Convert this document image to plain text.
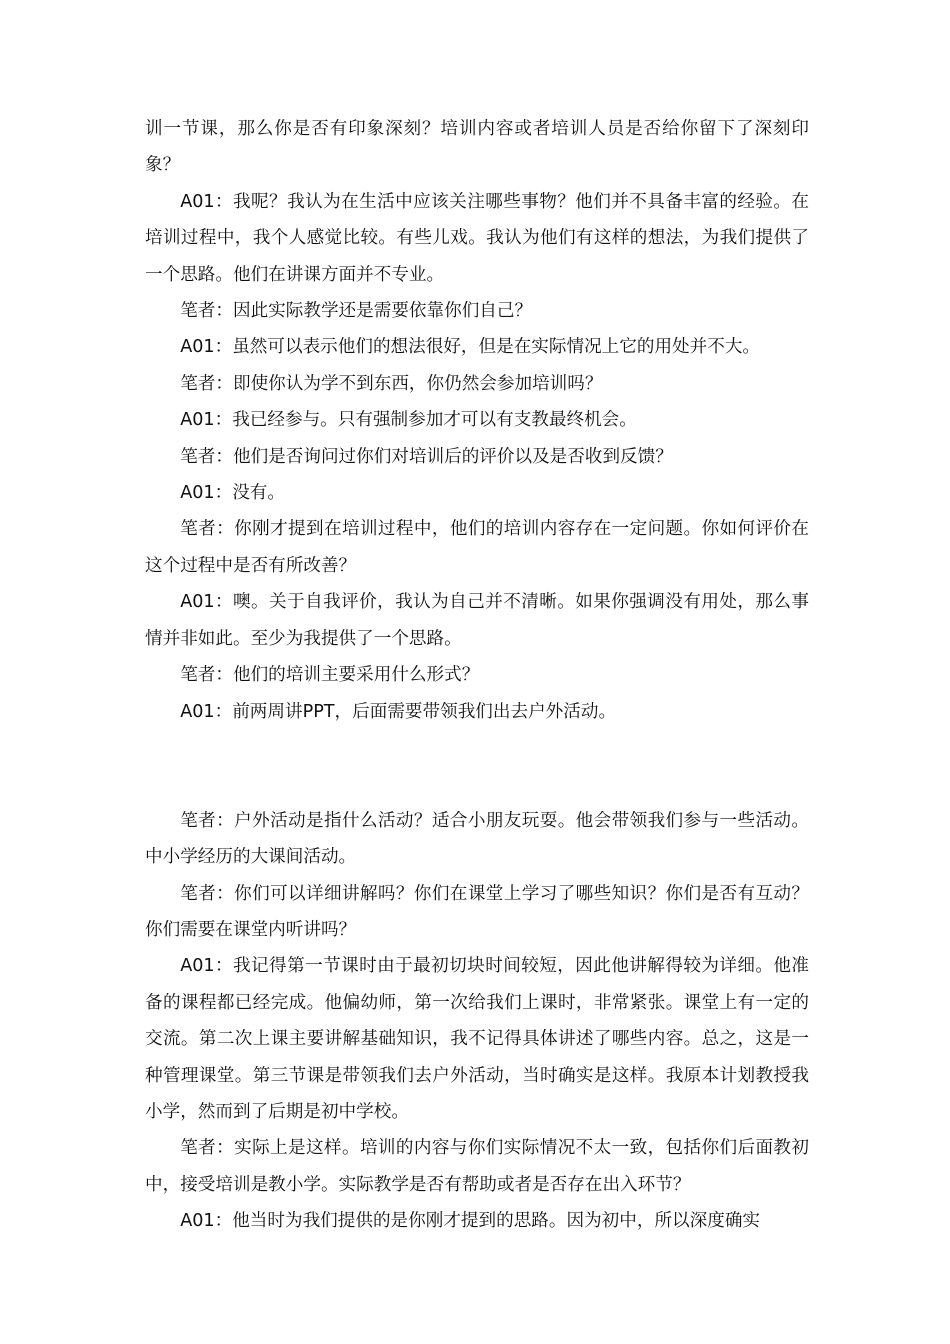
训一节课，那么你是否有印象深刻？培训内容或者培训人员是否给你留下了深刻印象？

A01：我呢？我认为在生活中应该关注哪些事物？他们并不具备丰富的经验。在培训过程中，我个人感觉比较。有些儿戏。我认为他们有这样的想法，为我们提供了一个思路。他们在讲课方面并不专业。

笔者：因此实际教学还是需要依靠你们自己？

A01：虽然可以表示他们的想法很好，但是在实际情况上它的用处并不大。

笔者：即使你认为学不到东西，你仍然会参加培训吗？

A01：我已经参与。只有强制参加才可以有支教最终机会。

笔者：他们是否询问过你们对培训后的评价以及是否收到反馈？

A01：没有。

笔者：你刚才提到在培训过程中，他们的培训内容存在一定问题。你如何评价在这个过程中是否有所改善？

A01：噢。关于自我评价，我认为自己并不清晰。如果你强调没有用处，那么事情并非如此。至少为我提供了一个思路。

笔者：他们的培训主要采用什么形式？

A01：前两周讲PPT，后面需要带领我们出去户外活动。

笔者：户外活动是指什么活动？适合小朋友玩耍。他会带领我们参与一些活动。中小学经历的大课间活动。

笔者：你们可以详细讲解吗？你们在课堂上学习了哪些知识？你们是否有互动？你们需要在课堂内听讲吗？

A01：我记得第一节课时由于最初切块时间较短，因此他讲解得较为详细。他准备的课程都已经完成。他偏幼师，第一次给我们上课时，非常紧张。课堂上有一定的交流。第二次上课主要讲解基础知识，我不记得具体讲述了哪些内容。总之，这是一种管理课堂。第三节课是带领我们去户外活动，当时确实是这样。我原本计划教授我小学，然而到了后期是初中学校。

笔者：实际上是这样。培训的内容与你们实际情况不太一致，包括你们后面教初中，接受培训是教小学。实际教学是否有帮助或者是否存在出入环节？

A01：他当时为我们提供的是你刚才提到的思路。因为初中，所以深度确实
